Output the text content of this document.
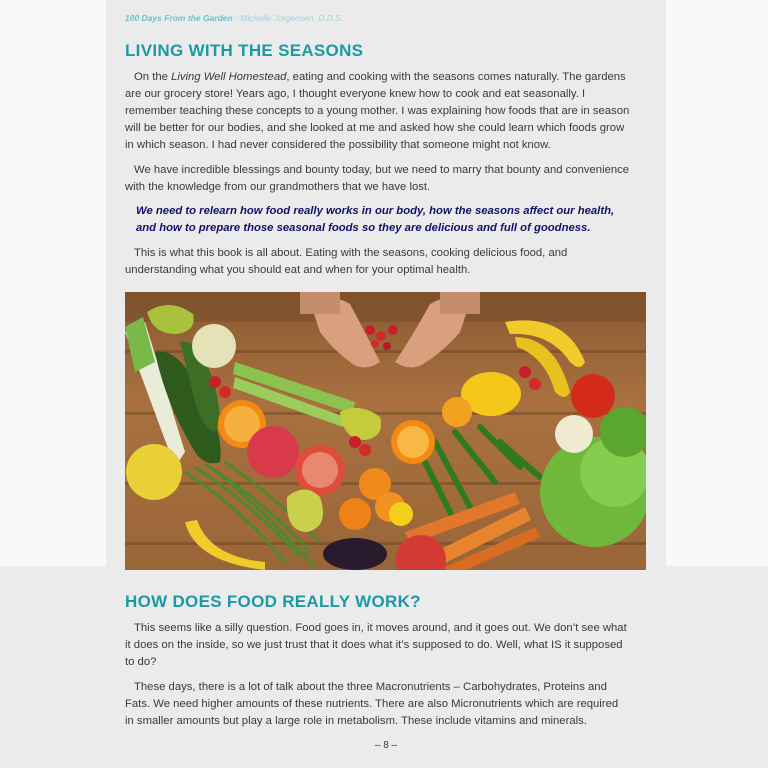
100 Days From the Garden · Michelle Jorgensen, D.D.S.
LIVING WITH THE SEASONS

On the Living Well Homestead, eating and cooking with the seasons comes naturally. The gardens are our grocery store! Years ago, I thought everyone knew how to cook and eat seasonally. I remember teaching these concepts to a young mother. I was explaining how foods that are in season will be better for our bodies, and she looked at me and asked how she could learn which foods grow in which season. I had never considered the possibility that someone might not know.

We have incredible blessings and bounty today, but we need to marry that bounty and convenience with the knowledge from our grandmothers that we have lost.

We need to relearn how food really works in our body, how the seasons affect our health, and how to prepare those seasonal foods so they are delicious and full of goodness.

This is what this book is all about. Eating with the seasons, cooking delicious food, and understanding what you should eat and when for your optimal health.

HOW DOES FOOD REALLY WORK?

This seems like a silly question. Food goes in, it moves around, and it goes out. We don’t see what it does on the inside, so we just trust that it does what it’s supposed to do. Well, what IS it supposed to do?

These days, there is a lot of talk about the three Macronutrients – Carbohydrates, Proteins and Fats. We need higher amounts of these nutrients. There are also Micronutrients which are required in smaller amounts but play a large role in metabolism. These include vitamins and minerals.

– 8 –
